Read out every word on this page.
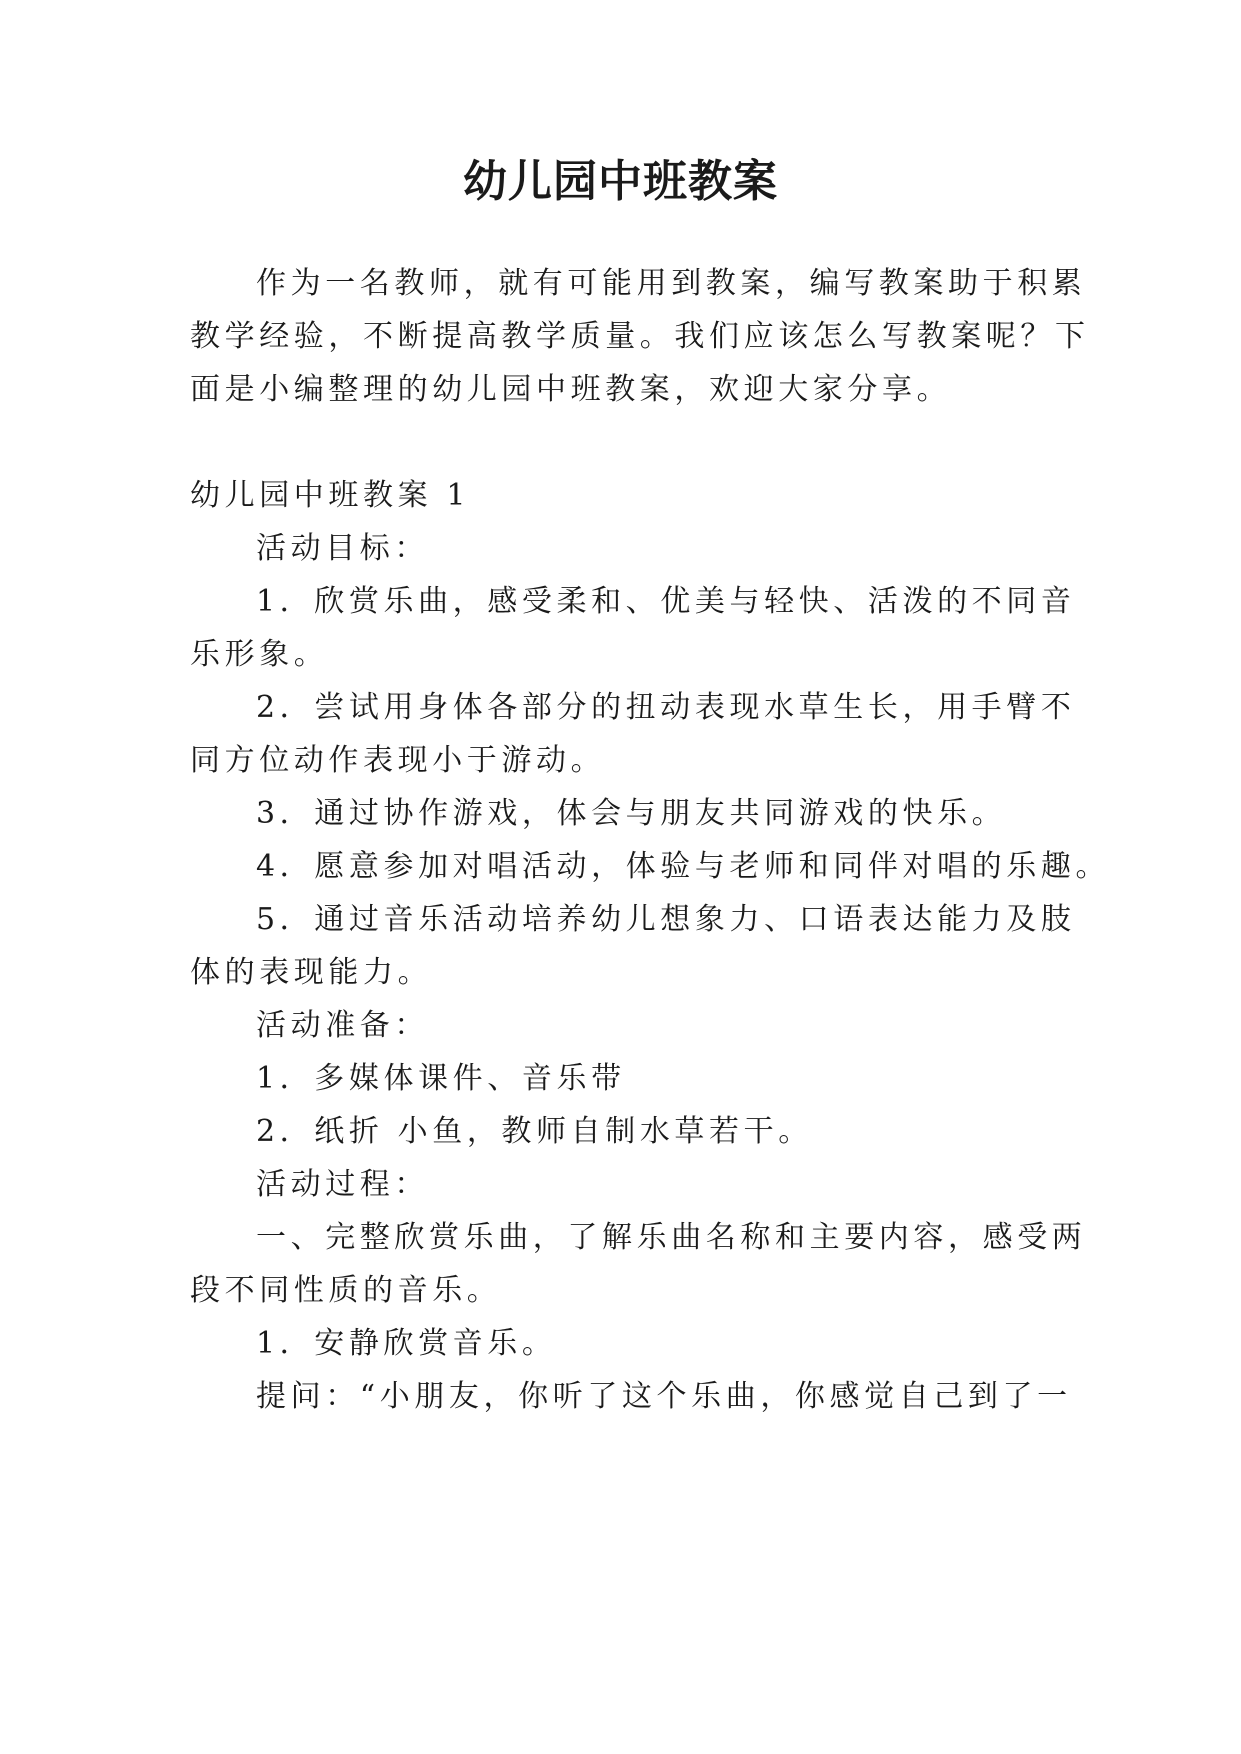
幼儿园中班教案
作为一名教师，就有可能用到教案，编写教案助于积累
教学经验，不断提高教学质量。我们应该怎么写教案呢？下
面是小编整理的幼儿园中班教案，欢迎大家分享。
幼儿园中班教案 1
活动目标：
1．欣赏乐曲，感受柔和、优美与轻快、活泼的不同音
乐形象。
2．尝试用身体各部分的扭动表现水草生长，用手臂不
同方位动作表现小于游动。
3．通过协作游戏，体会与朋友共同游戏的快乐。
4．愿意参加对唱活动，体验与老师和同伴对唱的乐趣。
5．通过音乐活动培养幼儿想象力、口语表达能力及肢
体的表现能力。
活动准备：
1．多媒体课件、音乐带
2．纸折 小鱼，教师自制水草若干。
活动过程：
一、完整欣赏乐曲，了解乐曲名称和主要内容，感受两
段不同性质的音乐。
1．安静欣赏音乐。
提问：“小朋友，你听了这个乐曲，你感觉自己到了一
